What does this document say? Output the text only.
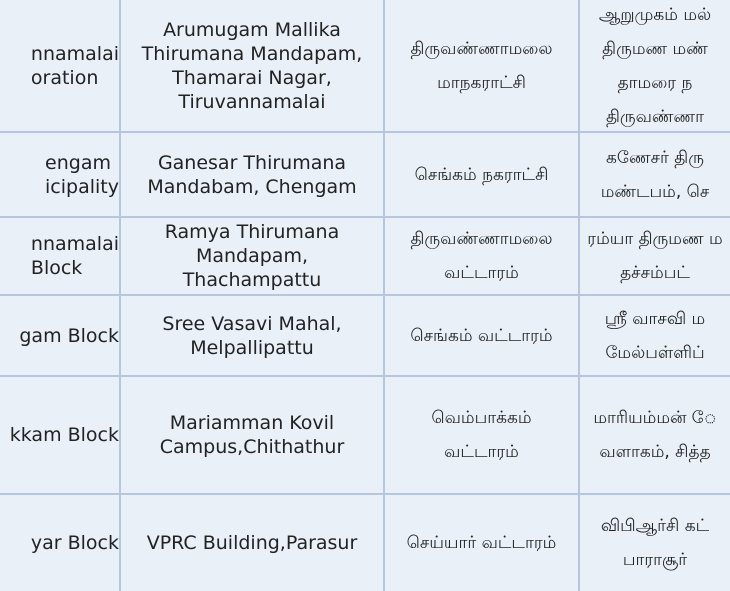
nnamalai
oration
Arumugam Mallika
Thirumana Mandapam,
Thamarai Nagar,
Tiruvannamalai
திருவண்ணாமலை
மாநகராட்சி
ஆறுமுகம் மல்
திருமண மண்
தாமரை ந
திருவண்ணா
engam
icipality
Ganesar Thirumana
Mandabam, Chengam
செங்கம் நகராட்சி
கணேசர் திரு
மண்டபம், செ
nnamalai
Block
Ramya Thirumana
Mandapam,
Thachampattu
திருவண்ணாமலை
வட்டாரம்
ரம்யா திருமண ம
தச்சம்பட்
gam Block
Sree Vasavi Mahal,
Melpallipattu
செங்கம் வட்டாரம்
ஸ்ரீ வாசவி ம
மேல்பள்ளிப்
kkam Block
Mariamman Kovil
Campus,Chithathur
வெம்பாக்கம்
வட்டாரம்
மாரியம்மன் ே
வளாகம், சித்த
yar Block	VPRC Building,Parasur	செய்யார் வட்டாரம்
விபிஆர்சி கட்
பாராசூர்
